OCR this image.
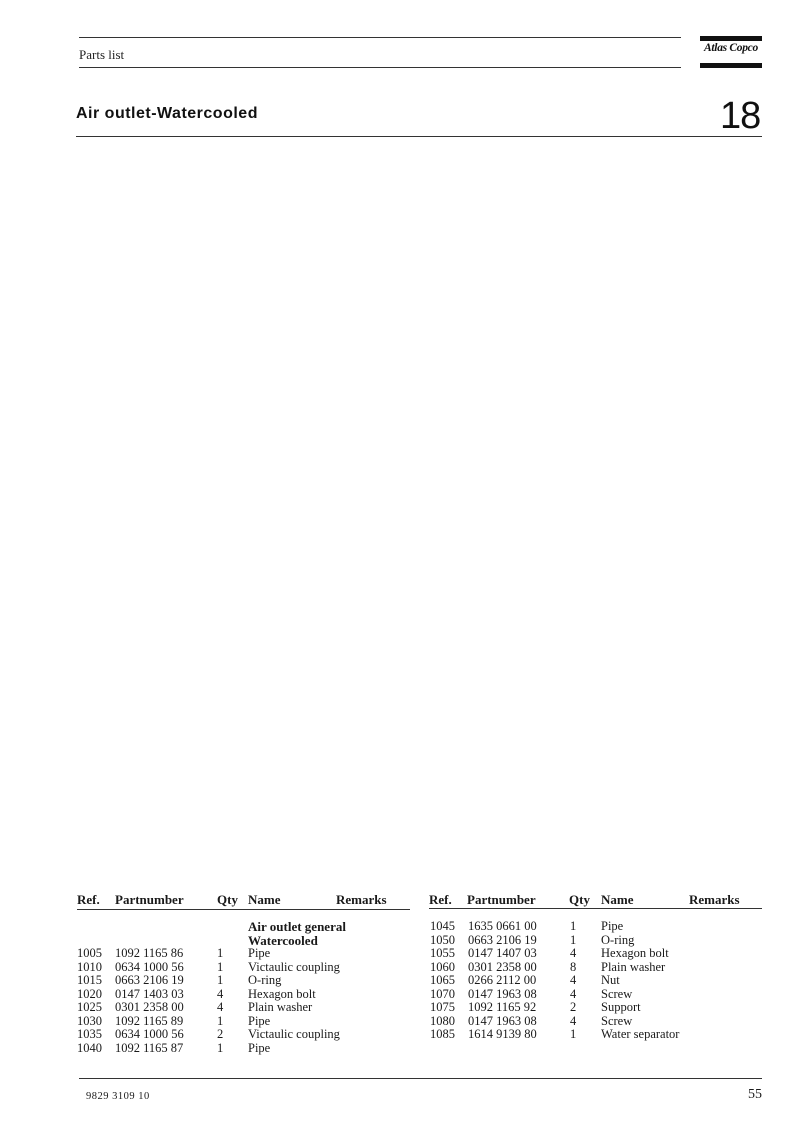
Parts list	Atlas Copco
Air outlet-Watercooled	18
Ref. Partnumber	Qty Name	Remarks
Air outlet general
Watercooled
1005 1092 1165 86	1 Pipe
1010 0634 1000 56	1 Victaulic coupling
1015 0663 2106 19	1 O-ring
1020 0147 1403 03	4 Hexagon bolt
1025 0301 2358 00	4 Plain washer
1030 1092 1165 89	1 Pipe
1035 0634 1000 56	2 Victaulic coupling
1040 1092 1165 87	1 Pipe
Ref. Partnumber	Qty Name	Remarks
1045 1635 0661 00	1 Pipe
1050 0663 2106 19	1 O-ring
1055 0147 1407 03	4 Hexagon bolt
1060 0301 2358 00	8 Plain washer
1065 0266 2112 00	4 Nut
1070 0147 1963 08	4 Screw
1075 1092 1165 92	2 Support
1080 0147 1963 08	4 Screw
1085 1614 9139 80	1 Water separator
9829 3109 10	55
